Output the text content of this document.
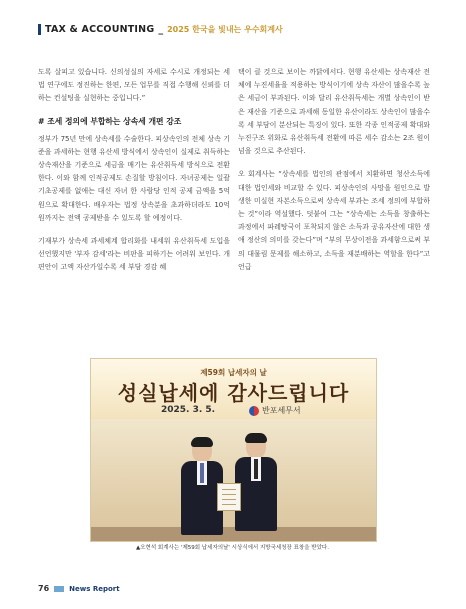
TAX & ACCOUNTING _ 2025 한국을 빛내는 우수회계사

도록 살피고 있습니다. 신의성실의 자세로 수시로 개정되는 세법 연구에도 정진하는 한편, 모든 업무를 직접 수행해 신뢰를 더하는 컨설팅을 실현하는 중입니다.”

# 조세 정의에 부합하는 상속세 개편 강조

정부가 75년 만에 상속세를 수술한다. 피상속인의 전체 상속 기준을 과세하는 현행 유산세 방식에서 상속인이 실제로 취득하는 상속재산을 기준으로 세금을 매기는 유산취득세 방식으로 전환한다. 이와 함께 인적공제도 손질할 방침이다. 자녀공제는 일괄 기초공제를 없애는 대신 자녀 한 사람당 인적 공제 금액을 5억 원으로 확대한다. 배우자는 법정 상속분을 초과하더라도 10억 원까지는 전액 공제받을 수 있도록 할 예정이다.

기재부가 상속세 과세체계 합리화를 내세워 유산취득세 도입을 선언했지만 '부자 감세'라는 비판을 피하기는 어려워 보인다. 개편안이 고액 자산가일수록 세 부담 경감 혜

택이 클 것으로 보이는 까닭에서다. 현행 유산세는 상속재산 전체에 누진세율을 적용하는 방식이기에 상속 자산이 많을수록 높은 세금이 부과된다. 이와 달리 유산취득세는 개별 상속인이 받은 재산을 기준으로 과세해 동일한 유산이라도 상속인이 많을수록 세 부담이 분산되는 특징이 있다. 또한 각종 인적공제 확대와 누진구조 위화로 유산취득세 전환에 따른 세수 감소는 2조 원이 넘을 것으로 추산된다.

오 회계사는 “상속세를 법인의 관점에서 치환하면 청산소득에 대한 법인세와 비교할 수 있다. 피상속인의 사망을 원인으로 발생한 미실현 자본소득으로써 상속세 부과는 조세 정의에 부합하는 것”이라 역설했다. 덧붙여 그는 “상속세는 소득을 창출하는 과정에서 파레탕국이 포착되지 않은 소득과 공유자산에 대한 생애 정산의 의미를 갖는다”며 “부의 무상이전을 과세함으로써 부의 대물림 문제를 해소하고, 소득을 재분배하는 역할을 한다”고 언급

제59회 납세자의 날
성실납세에 감사드립니다
2025. 3. 5.	반포세무서
▲오현석 회계사는 '제59회 납세자의날' 시상식에서 지방국세청장 표창을 받았다.
76	News Report
